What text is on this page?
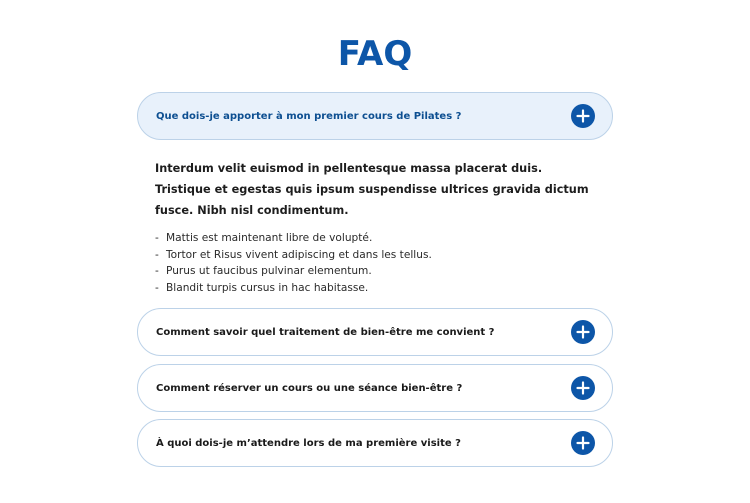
FAQ
Que dois-je apporter à mon premier cours de Pilates ?

Interdum velit euismod in pellentesque massa placerat duis. Tristique et egestas quis ipsum suspendisse ultrices gravida dictum fusce. Nibh nisl condimentum.

- Mattis est maintenant libre de volupté.
- Tortor et Risus vivent adipiscing et dans les tellus.
- Purus ut faucibus pulvinar elementum.
- Blandit turpis cursus in hac habitasse.
Comment savoir quel traitement de bien-être me convient ?
Comment réserver un cours ou une séance bien-être ?
À quoi dois-je m’attendre lors de ma première visite ?
